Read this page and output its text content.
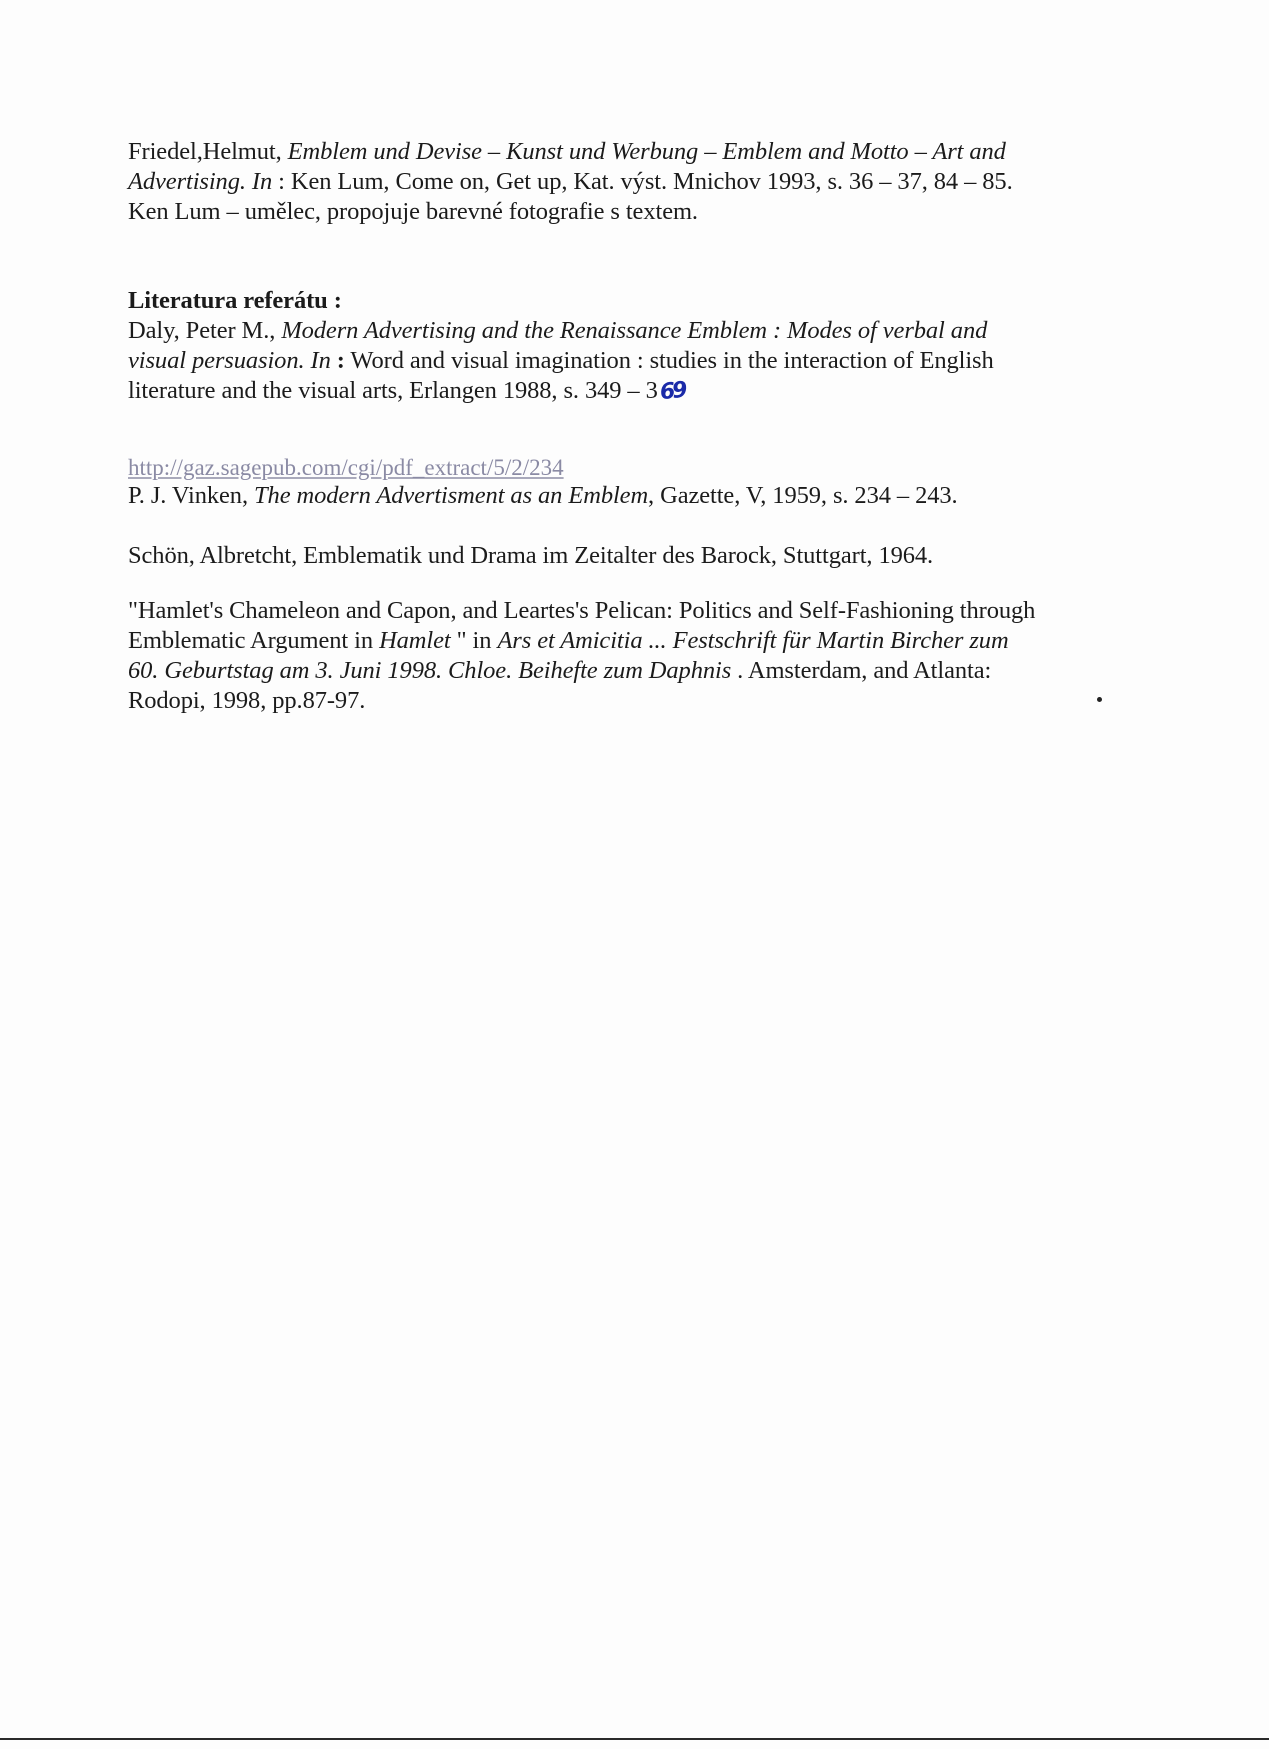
Friedel,Helmut, Emblem und Devise – Kunst und Werbung – Emblem and Motto – Art and
Advertising. In : Ken Lum, Come on, Get up, Kat. výst. Mnichov 1993, s. 36 – 37, 84 – 85.
Ken Lum – umělec, propojuje barevné fotografie s textem.
Literatura referátu :
Daly, Peter M., Modern Advertising and the Renaissance Emblem : Modes of verbal and
visual persuasion. In : Word and visual imagination : studies in the interaction of English
literature and the visual arts, Erlangen 1988, s. 349 – 369
http://gaz.sagepub.com/cgi/pdf_extract/5/2/234
P. J. Vinken, The modern Advertisment as an Emblem, Gazette, V, 1959, s. 234 – 243.
Schön, Albretcht, Emblematik und Drama im Zeitalter des Barock, Stuttgart, 1964.
"Hamlet's Chameleon and Capon, and Leartes's Pelican: Politics and Self-Fashioning through
Emblematic Argument in Hamlet " in Ars et Amicitia ... Festschrift für Martin Bircher zum
60. Geburtstag am 3. Juni 1998. Chloe. Beihefte zum Daphnis . Amsterdam, and Atlanta:
Rodopi, 1998, pp.87-97.
